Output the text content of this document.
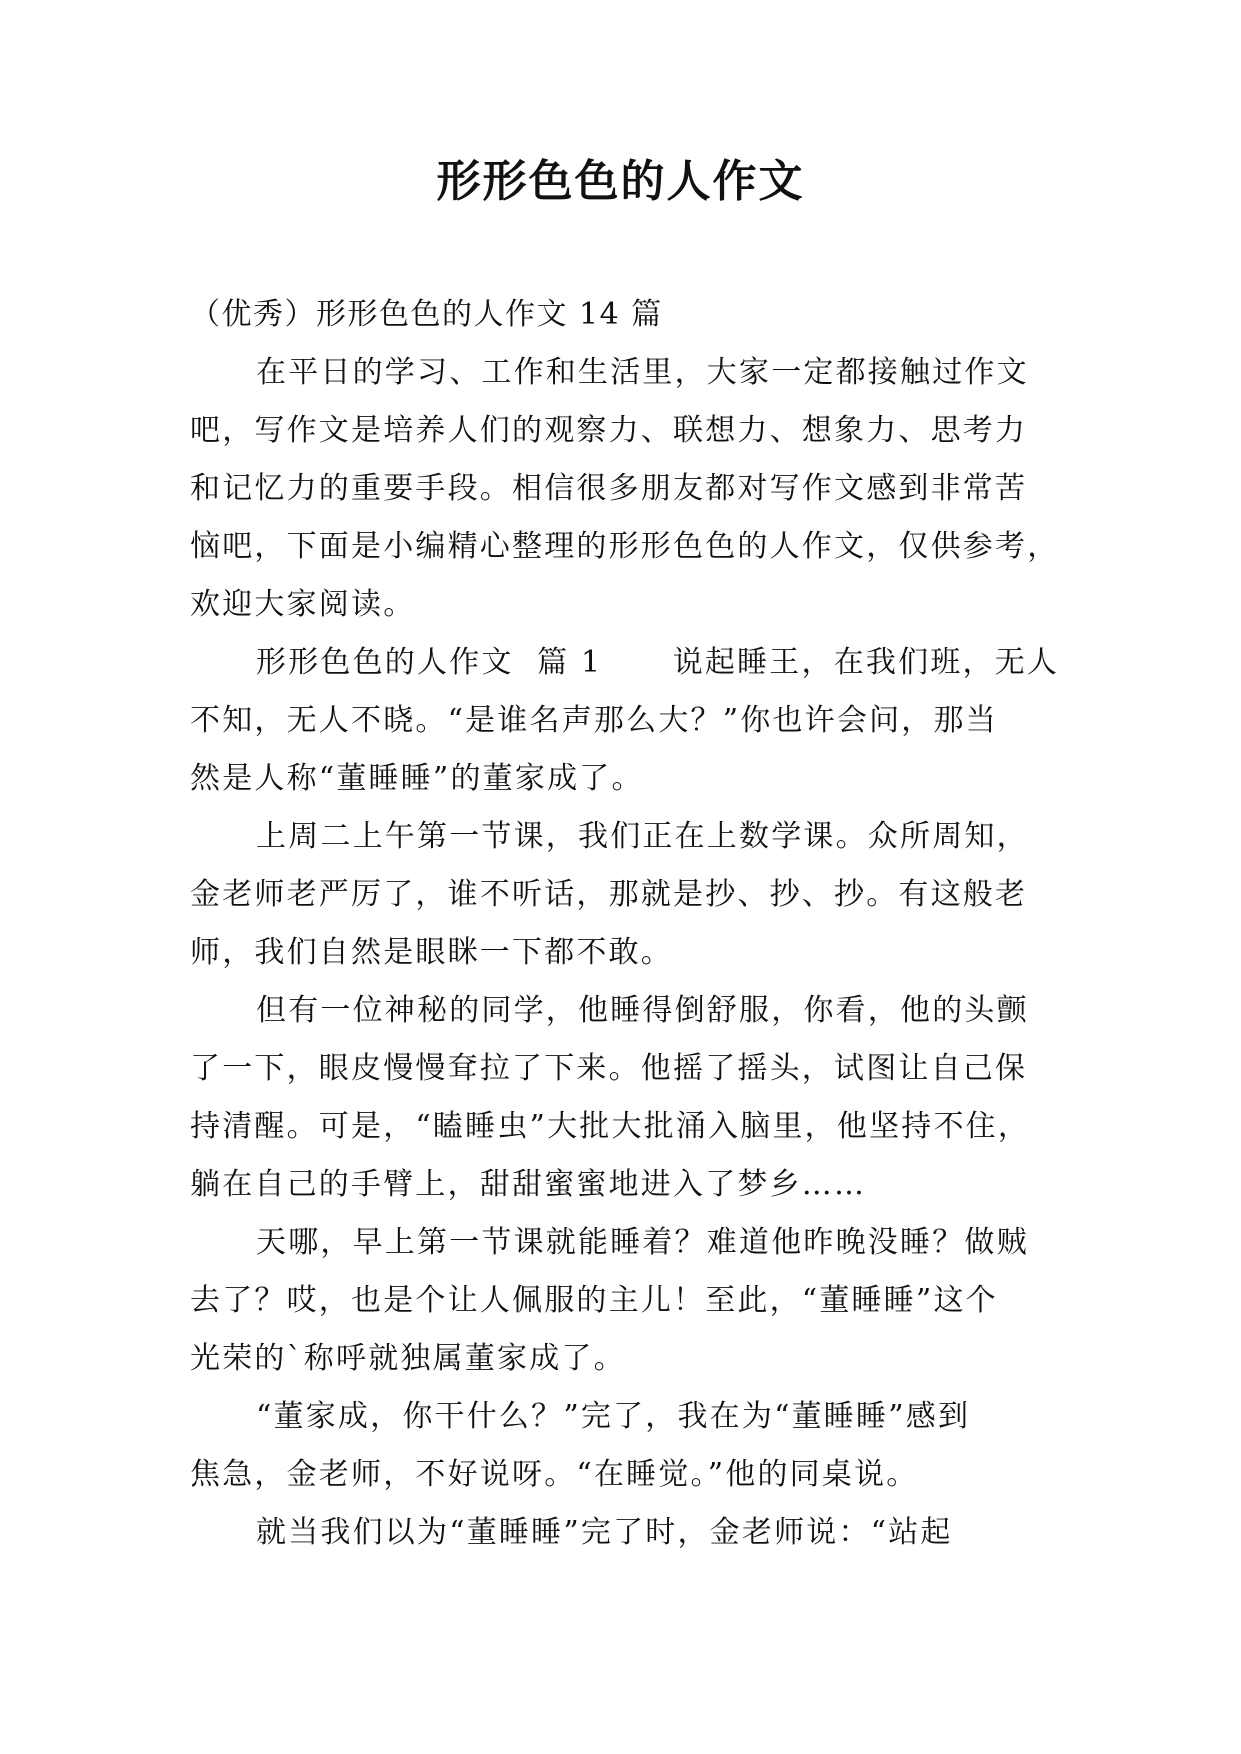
形形色色的人作文

（优秀）形形色色的人作文 14 篇

在平日的学习、工作和生活里，大家一定都接触过作文

吧，写作文是培养人们的观察力、联想力、想象力、思考力

和记忆力的重要手段。相信很多朋友都对写作文感到非常苦

恼吧，下面是小编精心整理的形形色色的人作文，仅供参考，

欢迎大家阅读。

形形色色的人作文  篇 1      说起睡王，在我们班，无人

不知，无人不晓。“是谁名声那么大？”你也许会问，那当

然是人称“董睡睡”的董家成了。

上周二上午第一节课，我们正在上数学课。众所周知，

金老师老严厉了，谁不听话，那就是抄、抄、抄。有这般老

师，我们自然是眼眯一下都不敢。

但有一位神秘的同学，他睡得倒舒服，你看，他的头颤

了一下，眼皮慢慢耷拉了下来。他摇了摇头，试图让自己保

持清醒。可是，“瞌睡虫”大批大批涌入脑里，他坚持不住，

躺在自己的手臂上，甜甜蜜蜜地进入了梦乡……

天哪，早上第一节课就能睡着？难道他昨晚没睡？做贼

去了？哎，也是个让人佩服的主儿！至此，“董睡睡”这个

光荣的`称呼就独属董家成了。

“董家成，你干什么？”完了，我在为“董睡睡”感到

焦急，金老师，不好说呀。“在睡觉。”他的同桌说。

就当我们以为“董睡睡”完了时，金老师说：“站起
